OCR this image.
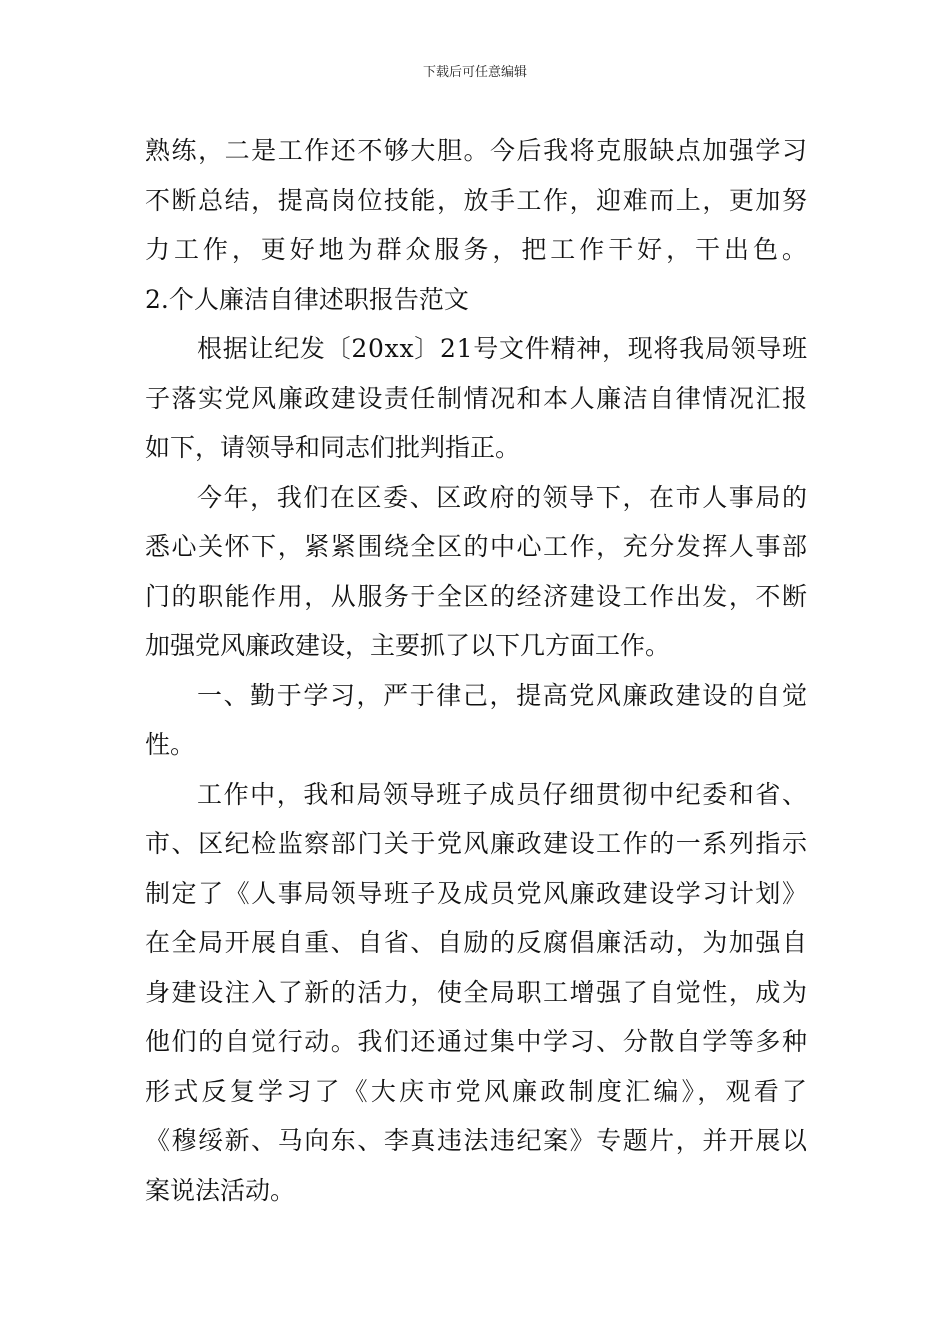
下载后可任意编辑
熟练，二是工作还不够大胆。今后我将克服缺点加强学习
不断总结，提高岗位技能，放手工作，迎难而上，更加努
力工作，更好地为群众服务，把工作干好，干出色。
2.个人廉洁自律述职报告范文
根据让纪发〔20xx〕21号文件精神，现将我局领导班
子落实党风廉政建设责任制情况和本人廉洁自律情况汇报
如下，请领导和同志们批判指正。
今年，我们在区委、区政府的领导下，在市人事局的
悉心关怀下，紧紧围绕全区的中心工作，充分发挥人事部
门的职能作用，从服务于全区的经济建设工作出发，不断
加强党风廉政建设，主要抓了以下几方面工作。
一、勤于学习，严于律己，提高党风廉政建设的自觉
性。
工作中，我和局领导班子成员仔细贯彻中纪委和省、
市、区纪检监察部门关于党风廉政建设工作的一系列指示
制定了《人事局领导班子及成员党风廉政建设学习计划》
在全局开展自重、自省、自励的反腐倡廉活动，为加强自
身建设注入了新的活力，使全局职工增强了自觉性，成为
他们的自觉行动。我们还通过集中学习、分散自学等多种
形式反复学习了《大庆市党风廉政制度汇编》，观看了
《穆绥新、马向东、李真违法违纪案》专题片，并开展以
案说法活动。
